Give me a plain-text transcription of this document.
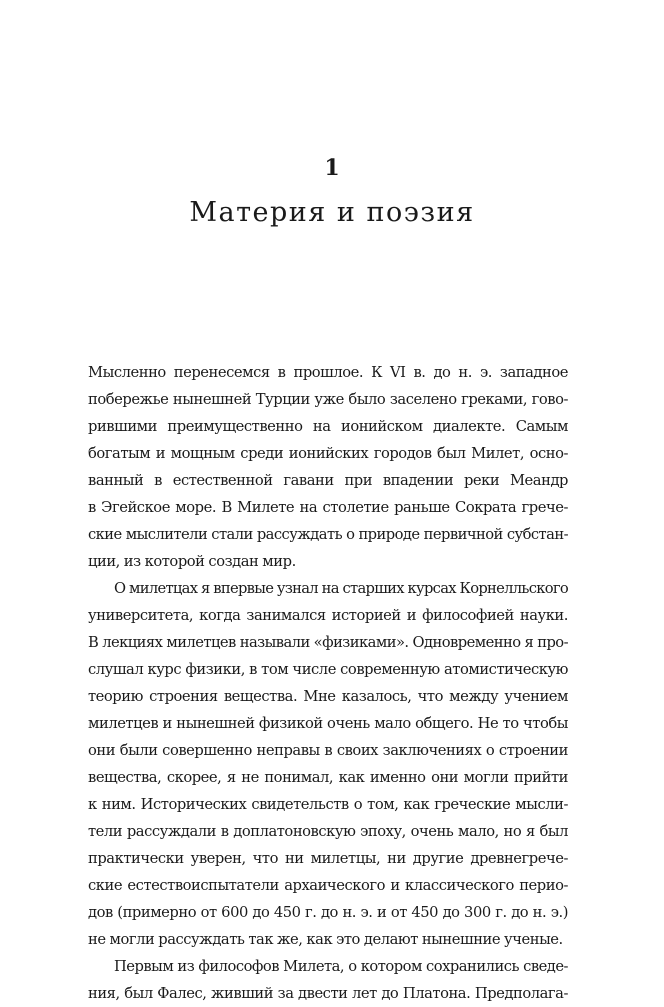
1
Материя и поэзия
Мысленно перенесемся в прошлое. К VI в. до н. э. западное
побережье нынешней Турции уже было заселено греками, гово-
рившими преимущественно на ионийском диалекте. Самым
богатым и мощным среди ионийских городов был Милет, осно-
ванный в естественной гавани при впадении реки Меандр
в Эгейское море. В Милете на столетие раньше Сократа грече-
ские мыслители стали рассуждать о природе первичной субстан-
ции, из которой создан мир.
О милетцах я впервые узнал на старших курсах Корнелльского
университета, когда занимался историей и философией науки.
В лекциях милетцев называли «физиками». Одновременно я про-
слушал курс физики, в том числе современную атомистическую
теорию строения вещества. Мне казалось, что между учением
милетцев и нынешней физикой очень мало общего. Не то чтобы
они были совершенно неправы в своих заключениях о строении
вещества, скорее, я не понимал, как именно они могли прийти
к ним. Исторических свидетельств о том, как греческие мысли-
тели рассуждали в доплатоновскую эпоху, очень мало, но я был
практически уверен, что ни милетцы, ни другие древнегрече-
ские естествоиспытатели архаического и классического перио-
дов (примерно от 600 до 450 г. до н. э. и от 450 до 300 г. до н. э.)
не могли рассуждать так же, как это делают нынешние ученые.
Первым из философов Милета, о котором сохранились сведе-
ния, был Фалес, живший за двести лет до Платона. Предполага-
